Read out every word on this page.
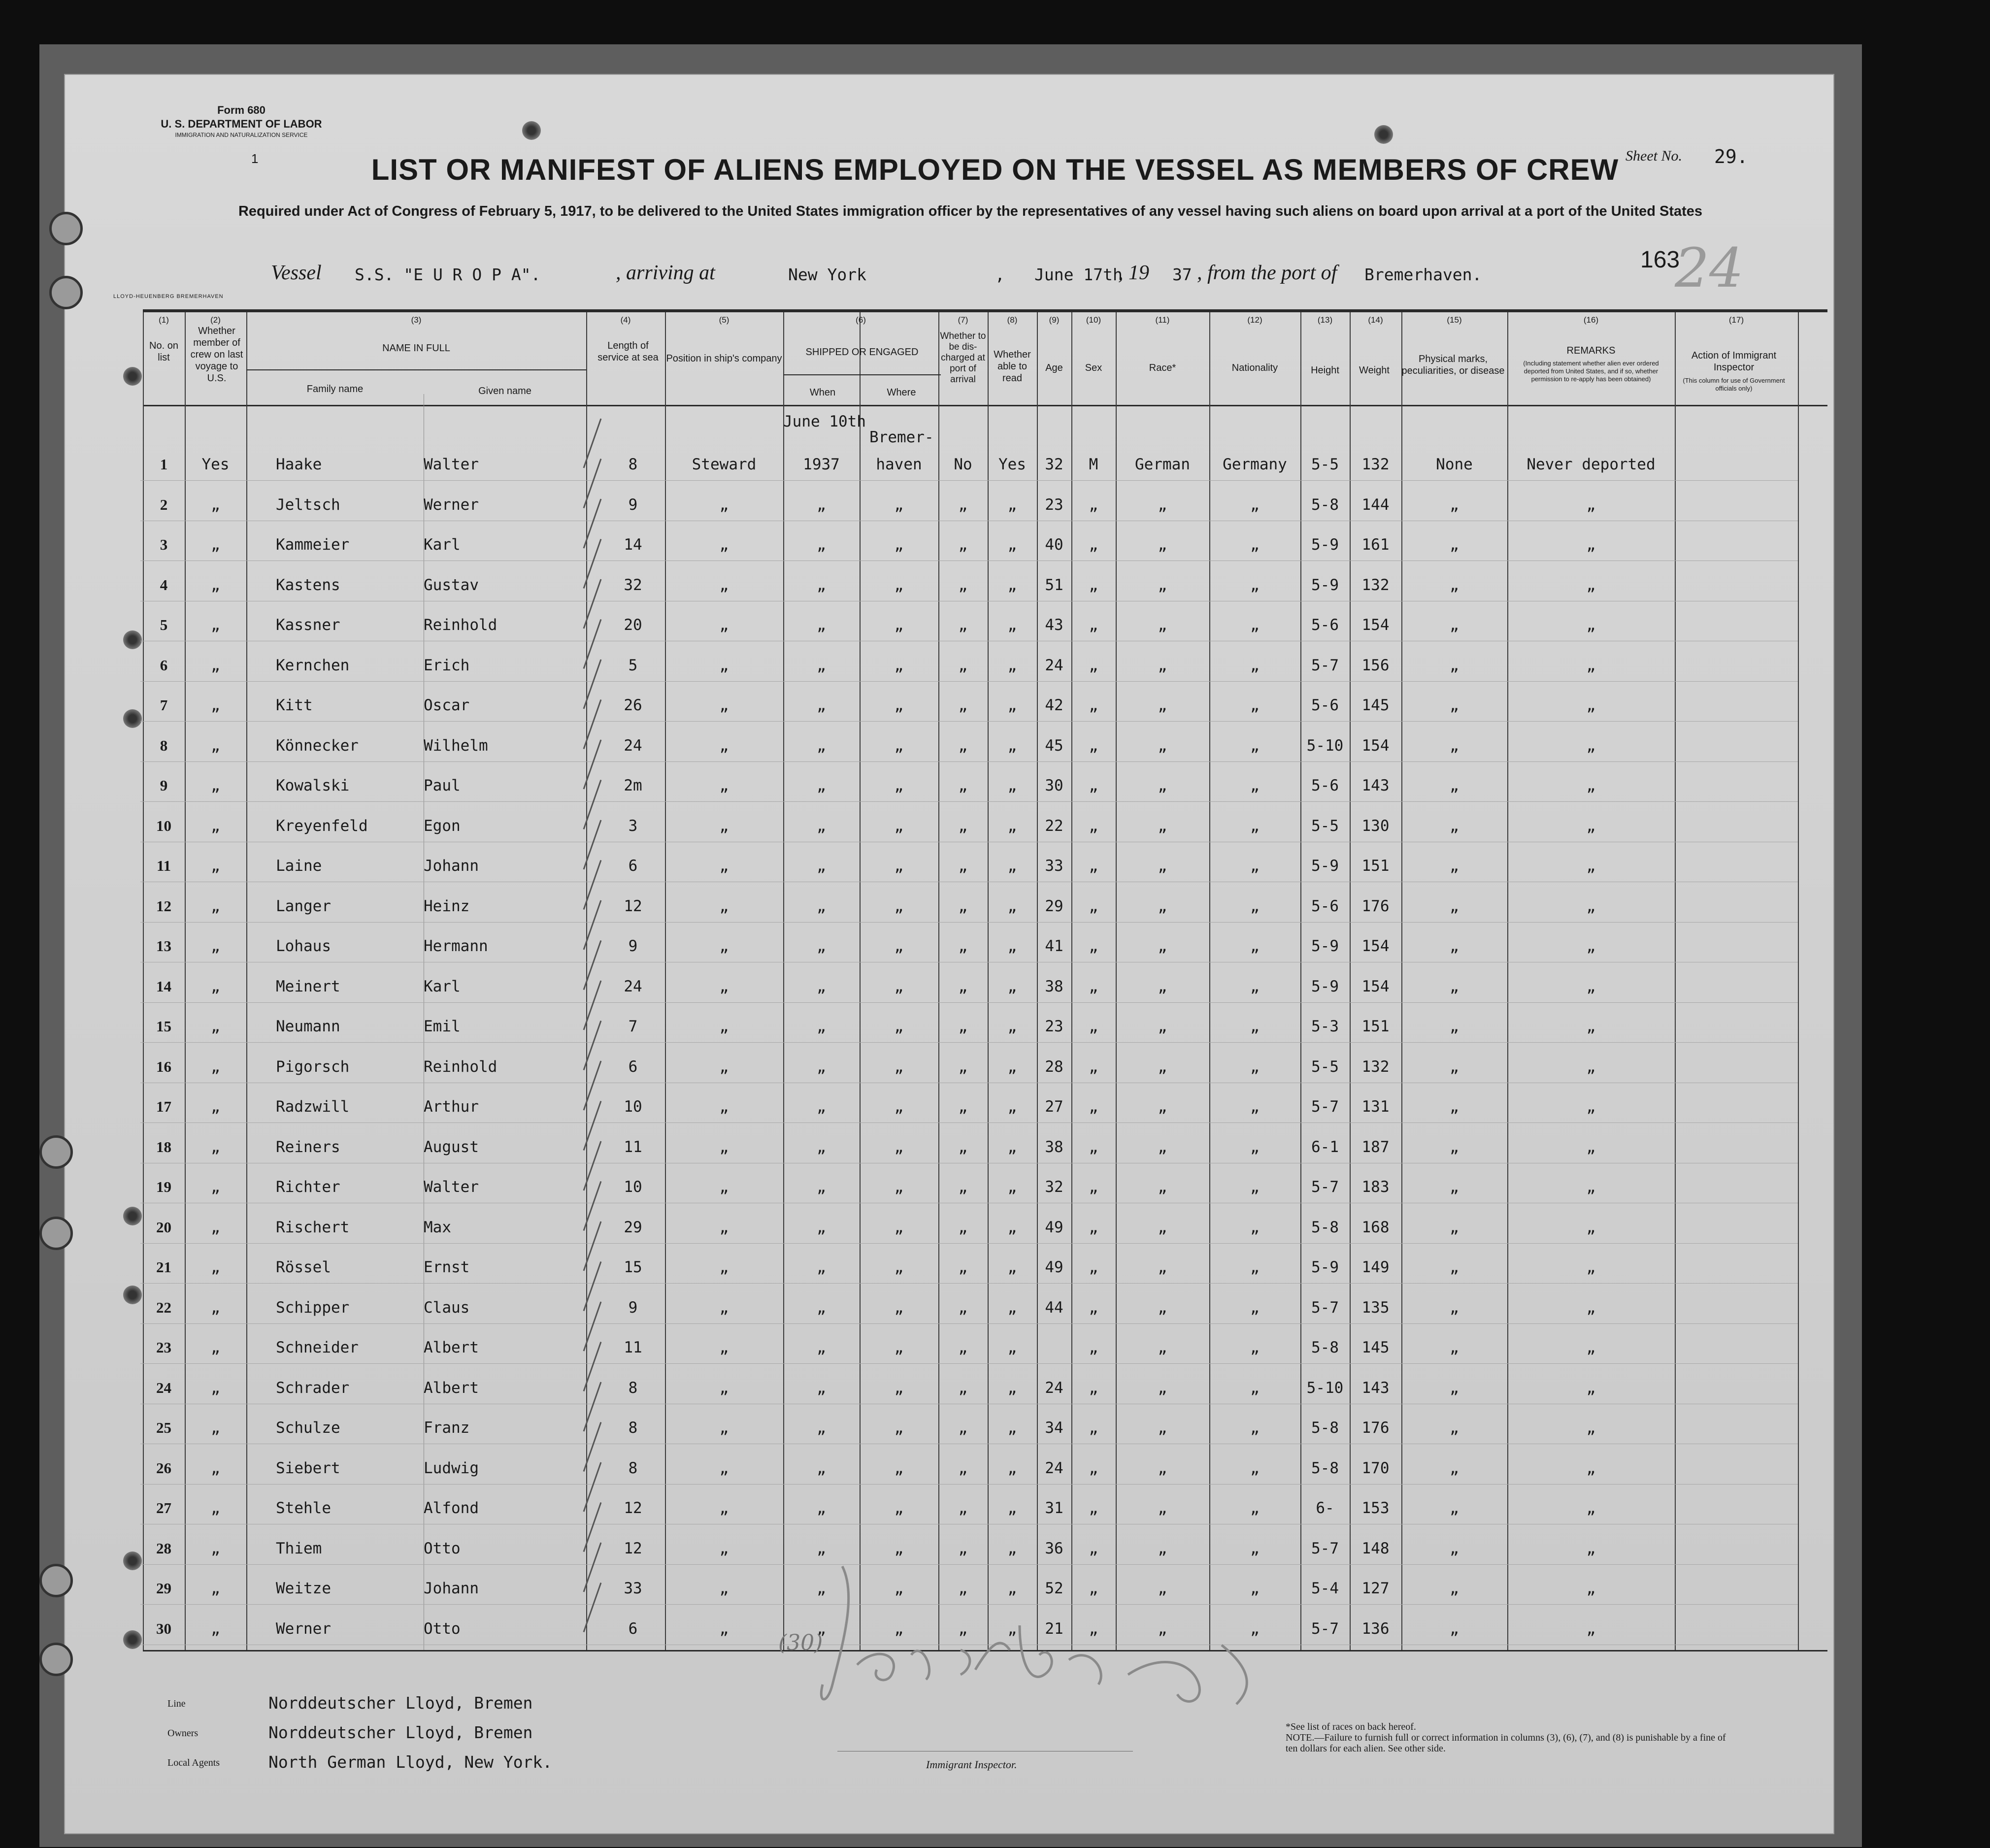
Form 680
U. S. DEPARTMENT OF LABOR
IMMIGRATION AND NATURALIZATION SERVICE
1	LIST OR MANIFEST OF ALIENS EMPLOYED ON THE VESSEL AS MEMBERS OF CREW
Required under Act of Congress of February 5, 1917, to be delivered to the United States immigration officer by the representatives of any vessel having such aliens on board upon arrival at a port of the United States
Sheet No. 29.
163
24
Vessel S.S. "E U R O P A".	, arriving at	New York	, June 17th
, 19 37 , from the port of Bremerhaven.
LLOYD-HEUENBERG BREMERHAVEN
(1)	(2)	(3)	(4)	(5)	(6)	(7)	(8)	(9)	(10)	(11)	(12)	(13)	(14)	(15)	(16)	(17)
No. on list
Whether member of crew on last voyage to U.S.
NAME IN FULL
Family name	Given name
Length of service at sea Position in ship's company
SHIPPED OR ENGAGED
When	Where
Whether to be dis-charged at port of arrival
Whether able to read
Age	Sex	Race*	Nationality	Height	Weight
Physical marks, peculiarities, or disease
REMARKS
(Including statement whether alien ever ordered deported from United States, and if so, whether permission to re-apply has been obtained)
Action of Immigrant Inspector
(This column for use of Government officials only)
June 10th
Bremer-
1	Yes	Haake	Walter	8	Steward	1937	haven	No	Yes	32	M	German	Germany	5-5	132	None	Never deported
2	„	Jeltsch	Werner	9	„	„	„	„	„	23	„	„	„	5-8	144	„	„
3	„	Kammeier	Karl	14	„	„	„	„	„	40	„	„	„	5-9	161	„	„
4	„	Kastens	Gustav	32	„	„	„	„	„	51	„	„	„	5-9	132	„	„
5	„	Kassner	Reinhold	20	„	„	„	„	„	43	„	„	„	5-6	154	„	„
6	„	Kernchen	Erich	5	„	„	„	„	„	24	„	„	„	5-7	156	„	„
7	„	Kitt	Oscar	26	„	„	„	„	„	42	„	„	„	5-6	145	„	„
8	„	Könnecker	Wilhelm	24	„	„	„	„	„	45	„	„	„	5-10	154	„	„
9	„	Kowalski	Paul	2m	„	„	„	„	„	30	„	„	„	5-6	143	„	„
10	„	Kreyenfeld	Egon	3	„	„	„	„	„	22	„	„	„	5-5	130	„	„
11	„	Laine	Johann	6	„	„	„	„	„	33	„	„	„	5-9	151	„	„
12	„	Langer	Heinz	12	„	„	„	„	„	29	„	„	„	5-6	176	„	„
13	„	Lohaus	Hermann	9	„	„	„	„	„	41	„	„	„	5-9	154	„	„
14	„	Meinert	Karl	24	„	„	„	„	„	38	„	„	„	5-9	154	„	„
15	„	Neumann	Emil	7	„	„	„	„	„	23	„	„	„	5-3	151	„	„
16	„	Pigorsch	Reinhold	6	„	„	„	„	„	28	„	„	„	5-5	132	„	„
17	„	Radzwill	Arthur	10	„	„	„	„	„	27	„	„	„	5-7	131	„	„
18	„	Reiners	August	11	„	„	„	„	„	38	„	„	„	6-1	187	„	„
19	„	Richter	Walter	10	„	„	„	„	„	32	„	„	„	5-7	183	„	„
20	„	Rischert	Max	29	„	„	„	„	„	49	„	„	„	5-8	168	„	„
21	„	Rössel	Ernst	15	„	„	„	„	„	49	„	„	„	5-9	149	„	„
22	„	Schipper	Claus	9	„	„	„	„	„	44	„	„	„	5-7	135	„	„
23	„	Schneider	Albert	11	„	„	„	„	„	„	„	„	5-8	145	„	„
24	„	Schrader	Albert	8	„	„	„	„	„	24	„	„	„	5-10	143	„	„
25	„	Schulze	Franz	8	„	„	„	„	„	34	„	„	„	5-8	176	„	„
26	„	Siebert	Ludwig	8	„	„	„	„	„	24	„	„	„	5-8	170	„	„
27	„	Stehle	Alfond	12	„	„	„	„	„	31	„	„	„	6-	153	„	„
28	„	Thiem	Otto	12	„	„	„	„	„	36	„	„	„	5-7	148	„	„
29	„	Weitze	Johann	33	„	„	„	„	„	52	„	„	„	5-4	127	„	„
30	„	Werner	Otto	6	„	„	„	„	„	21	„	„	„	5-7	136	„	„
Line	Norddeutscher Lloyd, Bremen
Owners	Norddeutscher Lloyd, Bremen
Local Agents	North German Lloyd, New York.	Immigrant Inspector.
*See list of races on back hereof.
NOTE.—Failure to furnish full or correct information in columns (3), (6), (7), and (8) is punishable by a fine of ten dollars for each alien. See other side.
(30)
